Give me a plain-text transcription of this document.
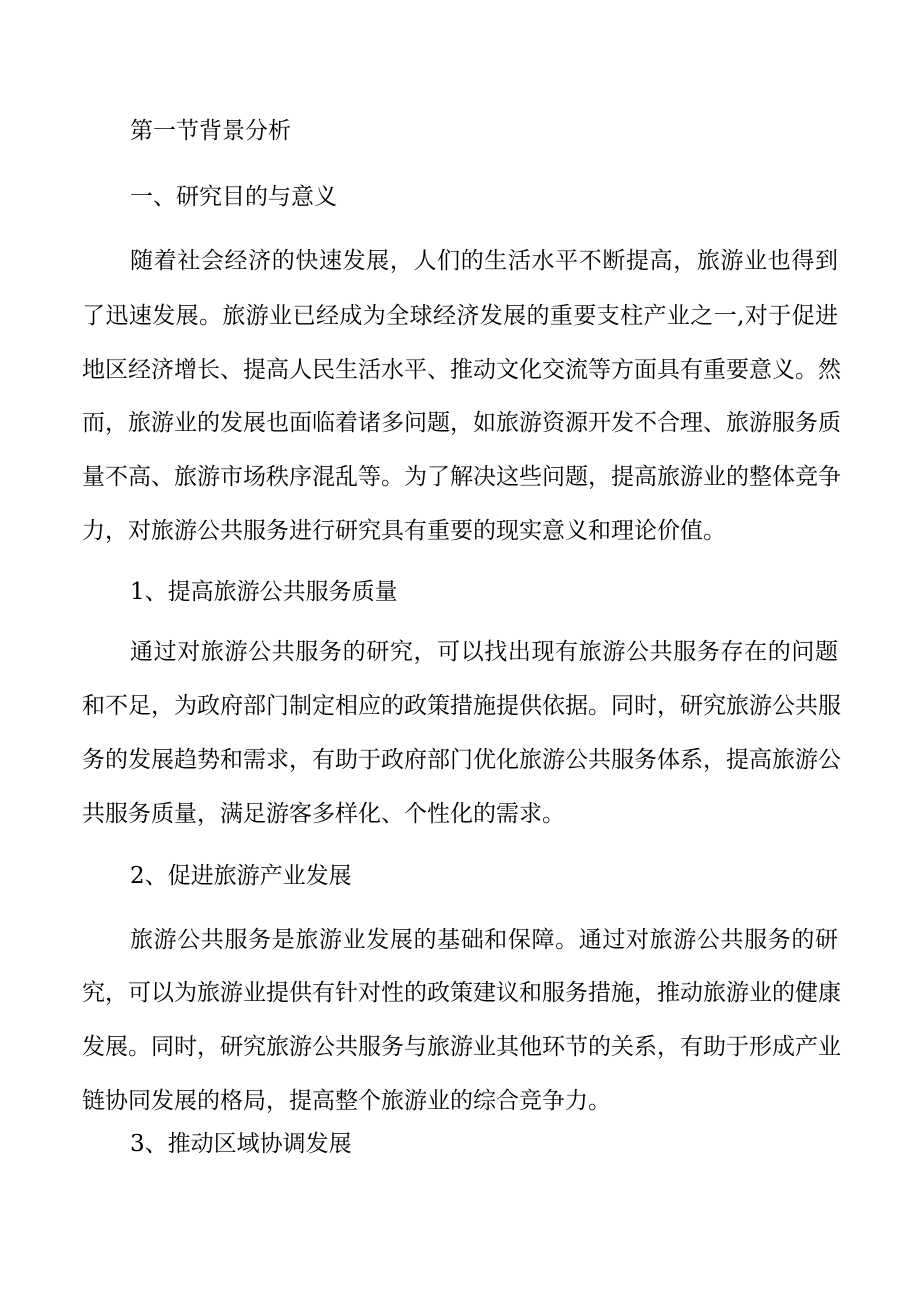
第一节背景分析
一、研究目的与意义
随着社会经济的快速发展，人们的生活水平不断提高，旅游业也得到
了迅速发展。旅游业已经成为全球经济发展的重要支柱产业之一,对于促进
地区经济增长、提高人民生活水平、推动文化交流等方面具有重要意义。然
而，旅游业的发展也面临着诸多问题，如旅游资源开发不合理、旅游服务质
量不高、旅游市场秩序混乱等。为了解决这些问题，提高旅游业的整体竞争
力，对旅游公共服务进行研究具有重要的现实意义和理论价值。
1、提高旅游公共服务质量
通过对旅游公共服务的研究，可以找出现有旅游公共服务存在的问题
和不足，为政府部门制定相应的政策措施提供依据。同时，研究旅游公共服
务的发展趋势和需求，有助于政府部门优化旅游公共服务体系，提高旅游公
共服务质量，满足游客多样化、个性化的需求。
2、促进旅游产业发展
旅游公共服务是旅游业发展的基础和保障。通过对旅游公共服务的研
究，可以为旅游业提供有针对性的政策建议和服务措施，推动旅游业的健康
发展。同时，研究旅游公共服务与旅游业其他环节的关系，有助于形成产业
链协同发展的格局，提高整个旅游业的综合竞争力。
3、推动区域协调发展
